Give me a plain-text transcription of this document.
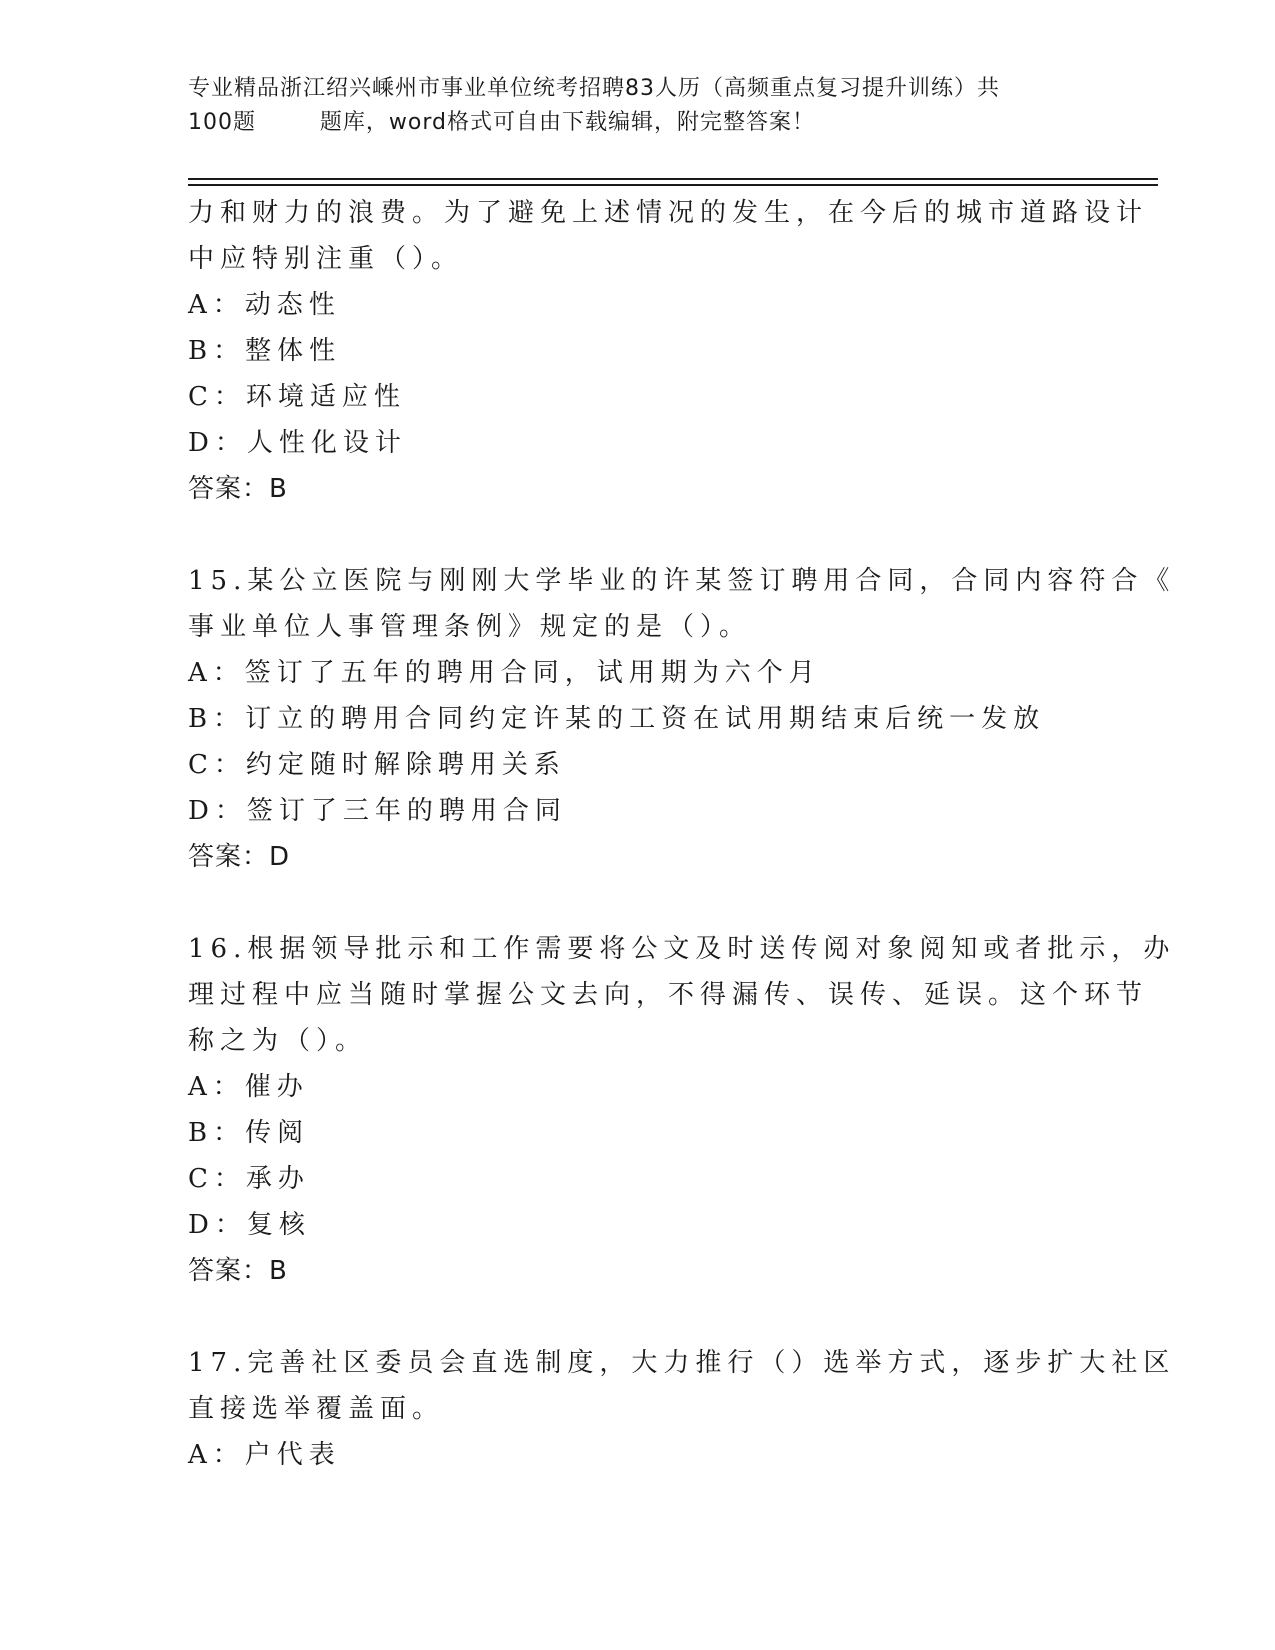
专业精品浙江绍兴嵊州市事业单位统考招聘83人历（高频重点复习提升训练）共
100题        题库，word格式可自由下载编辑，附完整答案！
力和财力的浪费。为了避免上述情况的发生，在今后的城市道路设计
中应特别注重（）。
A：动态性
B：整体性
C：环境适应性
D：人性化设计
答案：B
15.某公立医院与刚刚大学毕业的许某签订聘用合同，合同内容符合《
事业单位人事管理条例》规定的是（）。
A：签订了五年的聘用合同，试用期为六个月
B：订立的聘用合同约定许某的工资在试用期结束后统一发放
C：约定随时解除聘用关系
D：签订了三年的聘用合同
答案：D
16.根据领导批示和工作需要将公文及时送传阅对象阅知或者批示，办
理过程中应当随时掌握公文去向，不得漏传、误传、延误。这个环节
称之为（）。
A：催办
B：传阅
C：承办
D：复核
答案：B
17.完善社区委员会直选制度，大力推行（）选举方式，逐步扩大社区
直接选举覆盖面。
A：户代表
